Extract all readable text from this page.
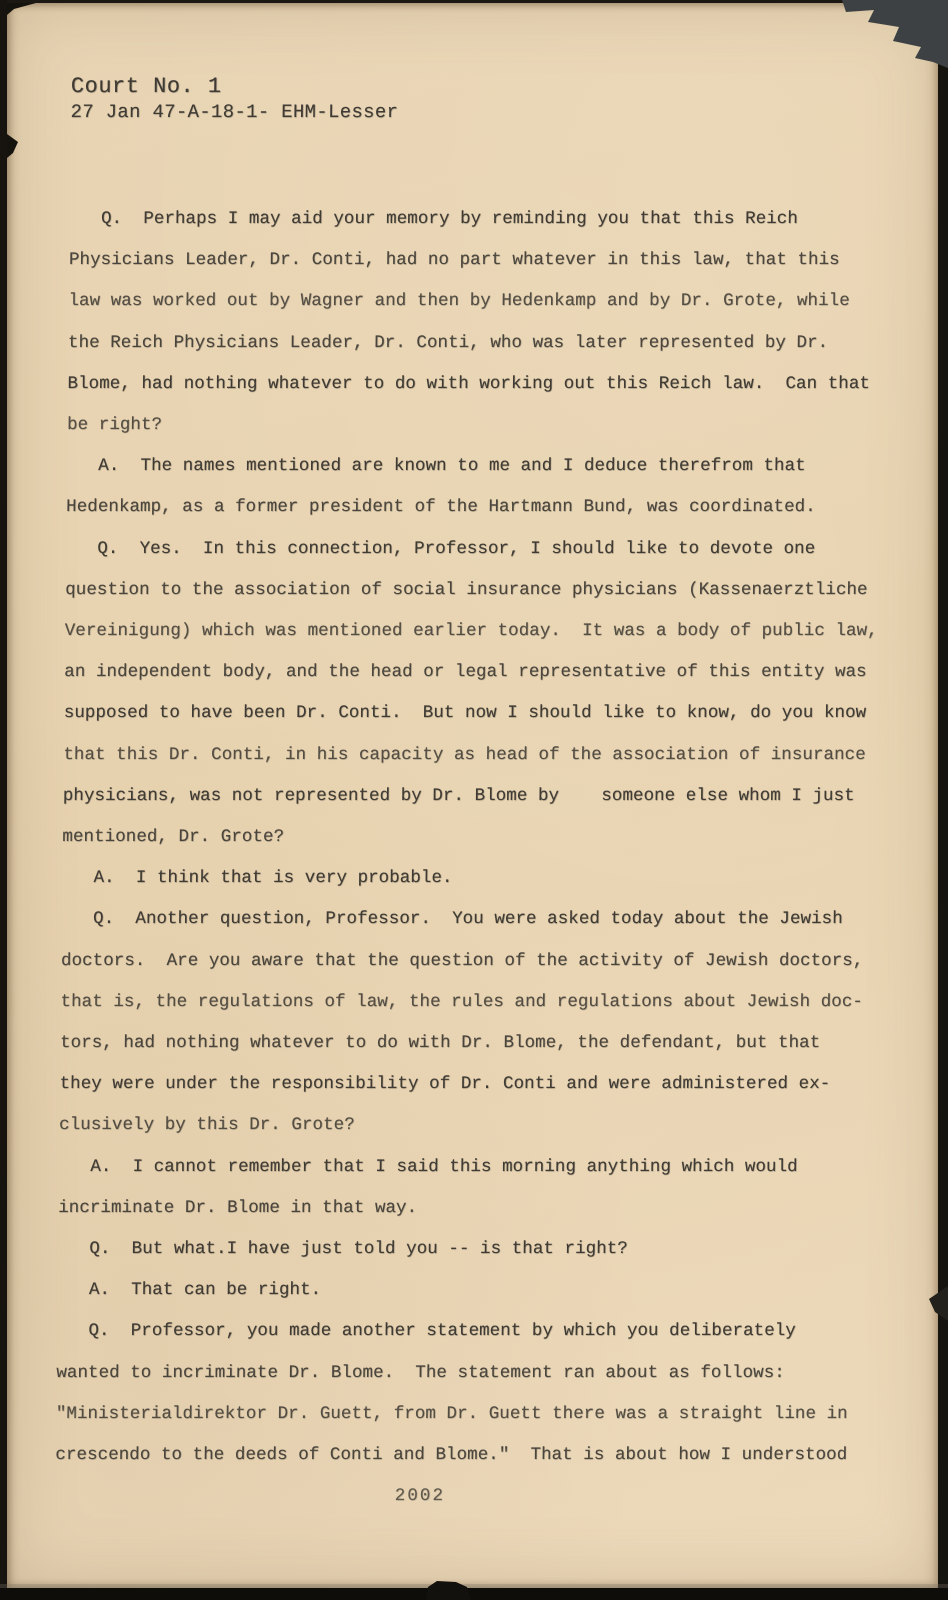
Court No. 1
27 Jan 47-A-18-1- EHM-Lesser
Q.  Perhaps I may aid your memory by reminding you that this Reich
Physicians Leader, Dr. Conti, had no part whatever in this law, that this
law was worked out by Wagner and then by Hedenkamp and by Dr. Grote, while
the Reich Physicians Leader, Dr. Conti, who was later represented by Dr.
Blome, had nothing whatever to do with working out this Reich law.  Can that
be right?
A.  The names mentioned are known to me and I deduce therefrom that
Hedenkamp, as a former president of the Hartmann Bund, was coordinated.
Q.  Yes.  In this connection, Professor, I should like to devote one
question to the association of social insurance physicians (Kassenaerztliche
Vereinigung) which was mentioned earlier today.  It was a body of public law,
an independent body, and the head or legal representative of this entity was
supposed to have been Dr. Conti.  But now I should like to know, do you know
that this Dr. Conti, in his capacity as head of the association of insurance
physicians, was not represented by Dr. Blome by    someone else whom I just
mentioned, Dr. Grote?
A.  I think that is very probable.
Q.  Another question, Professor.  You were asked today about the Jewish
doctors.  Are you aware that the question of the activity of Jewish doctors,
that is, the regulations of law, the rules and regulations about Jewish doc-
tors, had nothing whatever to do with Dr. Blome, the defendant, but that
they were under the responsibility of Dr. Conti and were administered ex-
clusively by this Dr. Grote?
A.  I cannot remember that I said this morning anything which would
incriminate Dr. Blome in that way.
Q.  But what.I have just told you -- is that right?
A.  That can be right.
Q.  Professor, you made another statement by which you deliberately
wanted to incriminate Dr. Blome.  The statement ran about as follows:
"Ministerialdirektor Dr. Guett, from Dr. Guett there was a straight line in
crescendo to the deeds of Conti and Blome."  That is about how I understood
2002
